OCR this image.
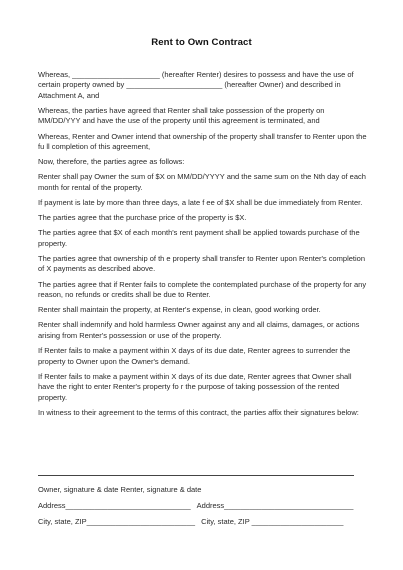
Rent to Own Contract

Whereas, _____________________ (hereafter Renter) desires to possess and have the use of certain property owned by _______________________ (hereafter Owner) and described in Attachment A, and

Whereas, the parties have agreed that Renter shall take possession of the property on MM/DD/YYY and have the use of the property until this agreement is terminated, and

Whereas, Renter and Owner intend that ownership of the property shall transfer to Renter upon the fu ll completion of this agreement,

Now, therefore, the parties agree as follows:

Renter shall pay Owner the sum of $X on MM/DD/YYYY and the same sum on the Nth day of each month for rental of the property.

If payment is late by more than three days, a late f ee of $X shall be due immediately from Renter.

The parties agree that the purchase price of the property is $X.

The parties agree that $X of each month's rent payment shall be applied towards purchase of the property.

The parties agree that ownership of th e property shall transfer to Renter upon Renter's completion of X payments as described above.

The parties agree that if Renter fails to complete the contemplated purchase of the property for any reason, no refunds or credits shall be due to Renter.

Renter shall maintain the property, at Renter's expense, in clean, good working order.

Renter shall indemnify and hold harmless Owner against any and all claims, damages, or actions arising from Renter's possession or use of the property.

If Renter fails to make a payment within X days of its due date, Renter agrees to surrender the property to Owner upon the Owner's demand.

If Renter fails to make a payment within X days of its due date, Renter agrees that Owner shall have the right to enter Renter's property fo r the purpose of taking possession of the rented property.

In witness to their agreement to the terms of this contract, the parties affix their signatures below:

Owner, signature & date Renter, signature & date
Address______________________________ Address_______________________________
City, state, ZIP__________________________ City, state, ZIP ______________________
